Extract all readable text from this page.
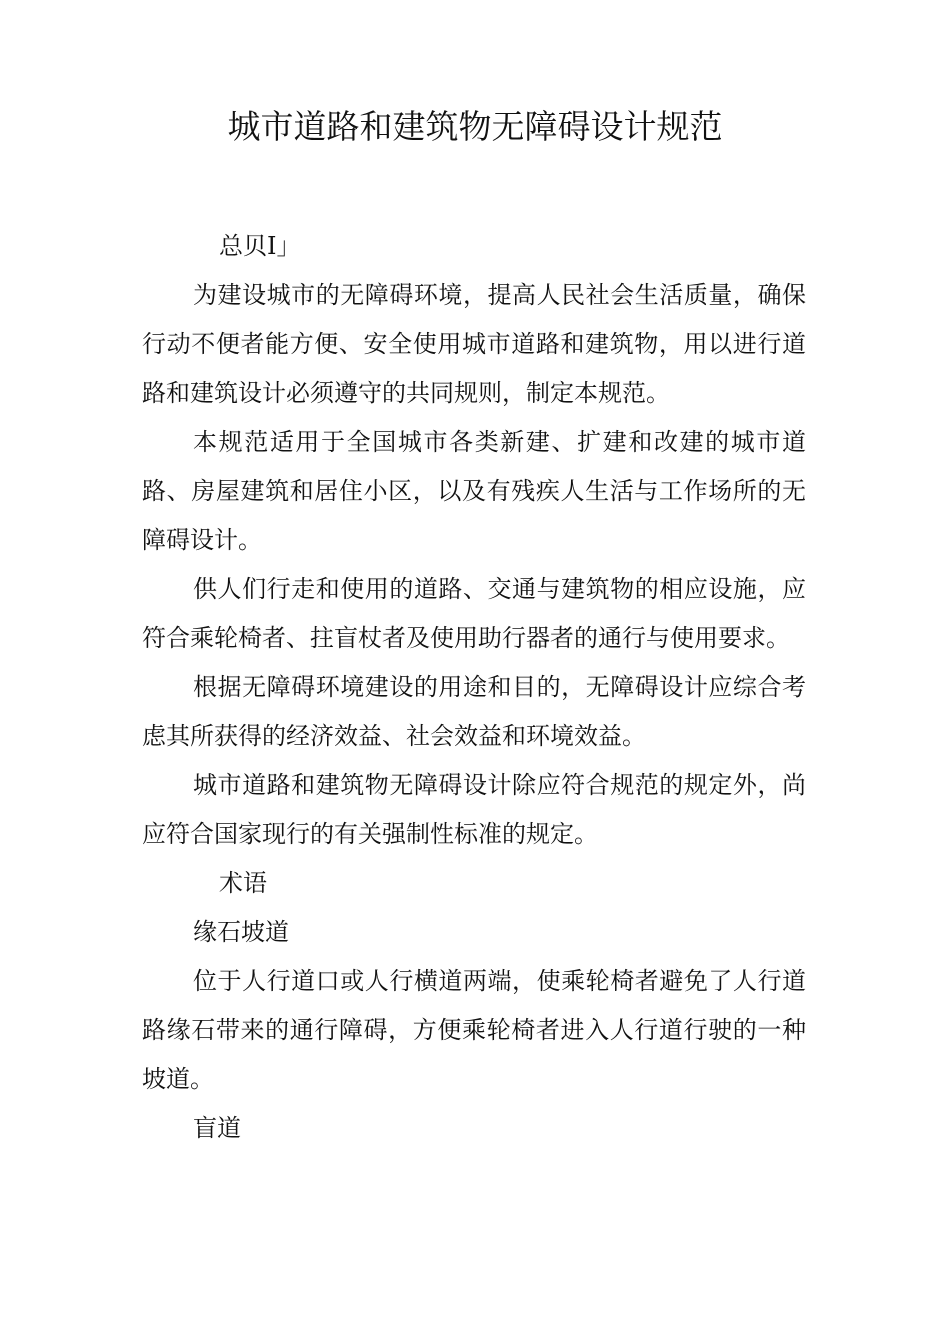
城市道路和建筑物无障碍设计规范

总贝I」

为建设城市的无障碍环境，提高人民社会生活质量，确保行动不便者能方便、安全使用城市道路和建筑物，用以进行道路和建筑设计必须遵守的共同规则，制定本规范。

本规范适用于全国城市各类新建、扩建和改建的城市道路、房屋建筑和居住小区，以及有残疾人生活与工作场所的无障碍设计。

供人们行走和使用的道路、交通与建筑物的相应设施，应符合乘轮椅者、拄盲杖者及使用助行器者的通行与使用要求。

根据无障碍环境建设的用途和目的，无障碍设计应综合考虑其所获得的经济效益、社会效益和环境效益。

城市道路和建筑物无障碍设计除应符合规范的规定外，尚应符合国家现行的有关强制性标准的规定。

术语

缘石坡道

位于人行道口或人行横道两端，使乘轮椅者避免了人行道路缘石带来的通行障碍，方便乘轮椅者进入人行道行驶的一种坡道。

盲道
